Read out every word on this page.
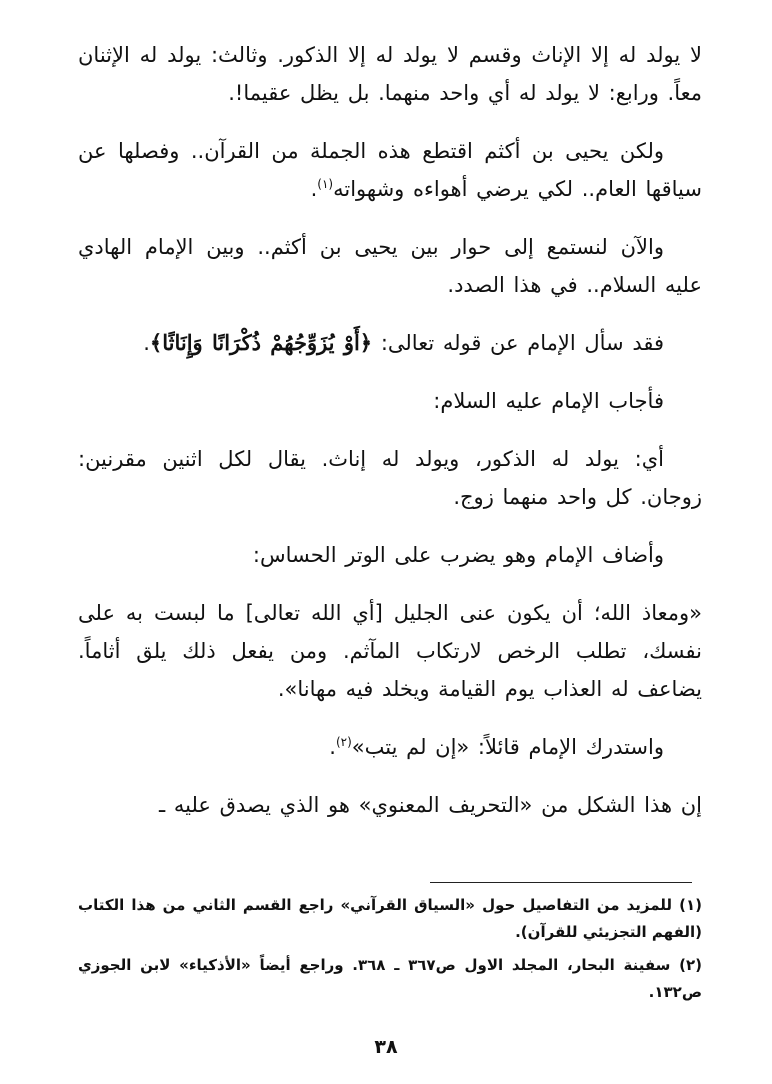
لا يولد له إلا الإناث وقسم لا يولد له إلا الذكور. وثالث: يولد له الإثنان معاً. ورابع: لا يولد له أي واحد منهما. بل يظل عقيما!.

ولكن يحيى بن أكثم اقتطع هذه الجملة من القرآن.. وفصلها عن سياقها العام.. لكي يرضي أهواءه وشهواته$^{(١)}$.

والآن لنستمع إلى حوار بين يحيى بن أكثم.. وبين الإمام الهادي عليه السلام.. في هذا الصدد.

فقد سأل الإمام عن قوله تعالى: ﴿أَوْ يُزَوِّجُهُمْ ذُكْرَانًا وَإِنَاثًا﴾.

فأجاب الإمام عليه السلام:

أي: يولد له الذكور، ويولد له إناث. يقال لكل اثنين مقرنين: زوجان. كل واحد منهما زوج.

وأضاف الإمام وهو يضرب على الوتر الحساس:

«ومعاذ الله؛ أن يكون عنى الجليل [أي الله تعالى] ما لبست به على نفسك، تطلب الرخص لارتكاب المآثم. ومن يفعل ذلك يلق أثاماً. يضاعف له العذاب يوم القيامة ويخلد فيه مهانا».

واستدرك الإمام قائلاً: «إن لم يتب»$^{(٢)}$.

إن هذا الشكل من «التحريف المعنوي» هو الذي يصدق عليه ـ

(١) للمزيد من التفاصيل حول «السياق القرآني» راجع القسم الثاني من هذا الكتاب (الفهم التجزيئي للقرآن).

(٢) سفينة البحار، المجلد الاول ص٣٦٧ ـ ٣٦٨. وراجع أيضاً «الأذكياء» لابن الجوزي ص١٣٢.

٣٨
